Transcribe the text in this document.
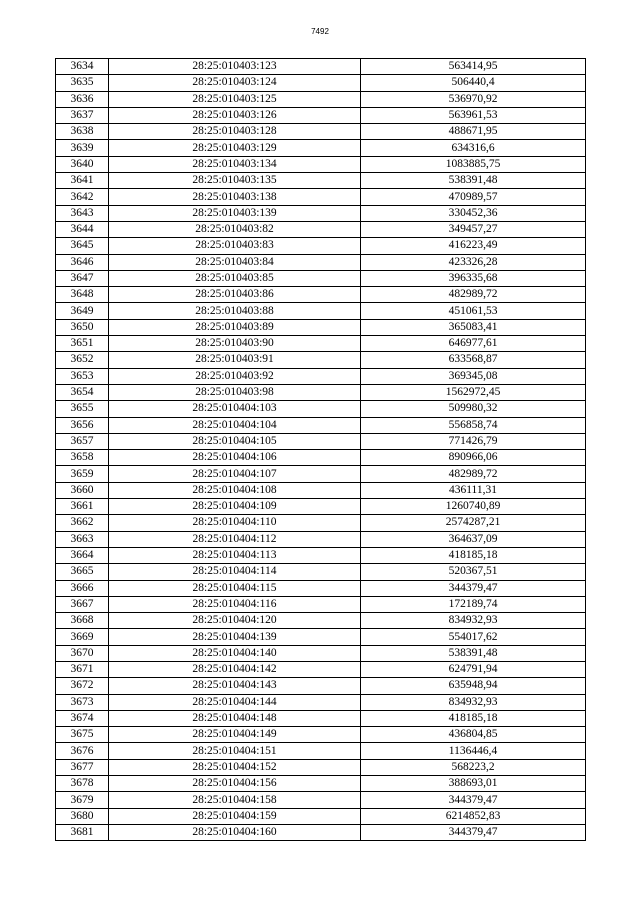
7492
3634	28:25:010403:123	563414,95
3635	28:25:010403:124	506440,4
3636	28:25:010403:125	536970,92
3637	28:25:010403:126	563961,53
3638	28:25:010403:128	488671,95
3639	28:25:010403:129	634316,6
3640	28:25:010403:134	1083885,75
3641	28:25:010403:135	538391,48
3642	28:25:010403:138	470989,57
3643	28:25:010403:139	330452,36
3644	28:25:010403:82	349457,27
3645	28:25:010403:83	416223,49
3646	28:25:010403:84	423326,28
3647	28:25:010403:85	396335,68
3648	28:25:010403:86	482989,72
3649	28:25:010403:88	451061,53
3650	28:25:010403:89	365083,41
3651	28:25:010403:90	646977,61
3652	28:25:010403:91	633568,87
3653	28:25:010403:92	369345,08
3654	28:25:010403:98	1562972,45
3655	28:25:010404:103	509980,32
3656	28:25:010404:104	556858,74
3657	28:25:010404:105	771426,79
3658	28:25:010404:106	890966,06
3659	28:25:010404:107	482989,72
3660	28:25:010404:108	436111,31
3661	28:25:010404:109	1260740,89
3662	28:25:010404:110	2574287,21
3663	28:25:010404:112	364637,09
3664	28:25:010404:113	418185,18
3665	28:25:010404:114	520367,51
3666	28:25:010404:115	344379,47
3667	28:25:010404:116	172189,74
3668	28:25:010404:120	834932,93
3669	28:25:010404:139	554017,62
3670	28:25:010404:140	538391,48
3671	28:25:010404:142	624791,94
3672	28:25:010404:143	635948,94
3673	28:25:010404:144	834932,93
3674	28:25:010404:148	418185,18
3675	28:25:010404:149	436804,85
3676	28:25:010404:151	1136446,4
3677	28:25:010404:152	568223,2
3678	28:25:010404:156	388693,01
3679	28:25:010404:158	344379,47
3680	28:25:010404:159	6214852,83
3681	28:25:010404:160	344379,47
